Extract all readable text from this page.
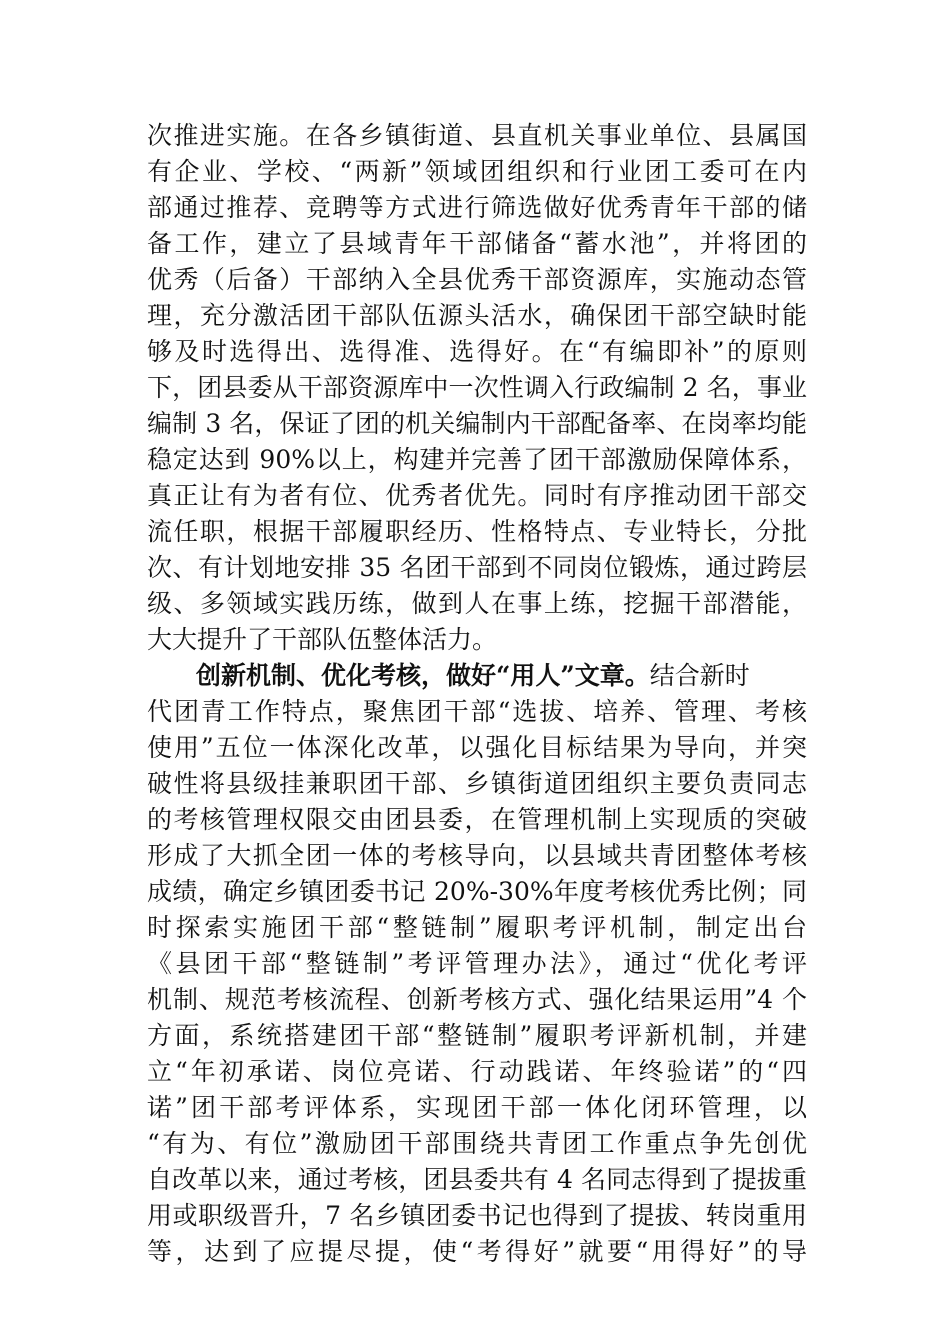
次推进实施。在各乡镇街道、县直机关事业单位、县属国
有企业、学校、“两新”领域团组织和行业团工委可在内
部通过推荐、竞聘等方式进行筛选做好优秀青年干部的储
备工作，建立了县域青年干部储备“蓄水池”，并将团的
优秀（后备）干部纳入全县优秀干部资源库，实施动态管
理，充分激活团干部队伍源头活水，确保团干部空缺时能
够及时选得出、选得准、选得好。在“有编即补”的原则
下，团县委从干部资源库中一次性调入行政编制 2 名，事业
编制 3 名，保证了团的机关编制内干部配备率、在岗率均能
稳定达到 90%以上，构建并完善了团干部激励保障体系，
真正让有为者有位、优秀者优先。同时有序推动团干部交
流任职，根据干部履职经历、性格特点、专业特长，分批
次、有计划地安排 35 名团干部到不同岗位锻炼，通过跨层
级、多领域实践历练，做到人在事上练，挖掘干部潜能，
大大提升了干部队伍整体活力。
创新机制、优化考核，做好“用人”文章。结合新时
代团青工作特点，聚焦团干部“选拔、培养、管理、考核
使用”五位一体深化改革，以强化目标结果为导向，并突
破性将县级挂兼职团干部、乡镇街道团组织主要负责同志
的考核管理权限交由团县委，在管理机制上实现质的突破
形成了大抓全团一体的考核导向，以县域共青团整体考核
成绩，确定乡镇团委书记 20%-30%年度考核优秀比例；同
时探索实施团干部“整链制”履职考评机制，制定出台
《县团干部“整链制”考评管理办法》，通过“优化考评
机制、规范考核流程、创新考核方式、强化结果运用”4 个
方面，系统搭建团干部“整链制”履职考评新机制，并建
立“年初承诺、岗位亮诺、行动践诺、年终验诺”的“四
诺”团干部考评体系，实现团干部一体化闭环管理，以
“有为、有位”激励团干部围绕共青团工作重点争先创优
自改革以来，通过考核，团县委共有 4 名同志得到了提拔重
用或职级晋升，7 名乡镇团委书记也得到了提拔、转岗重用
等，达到了应提尽提，使“考得好”就要“用得好”的导
